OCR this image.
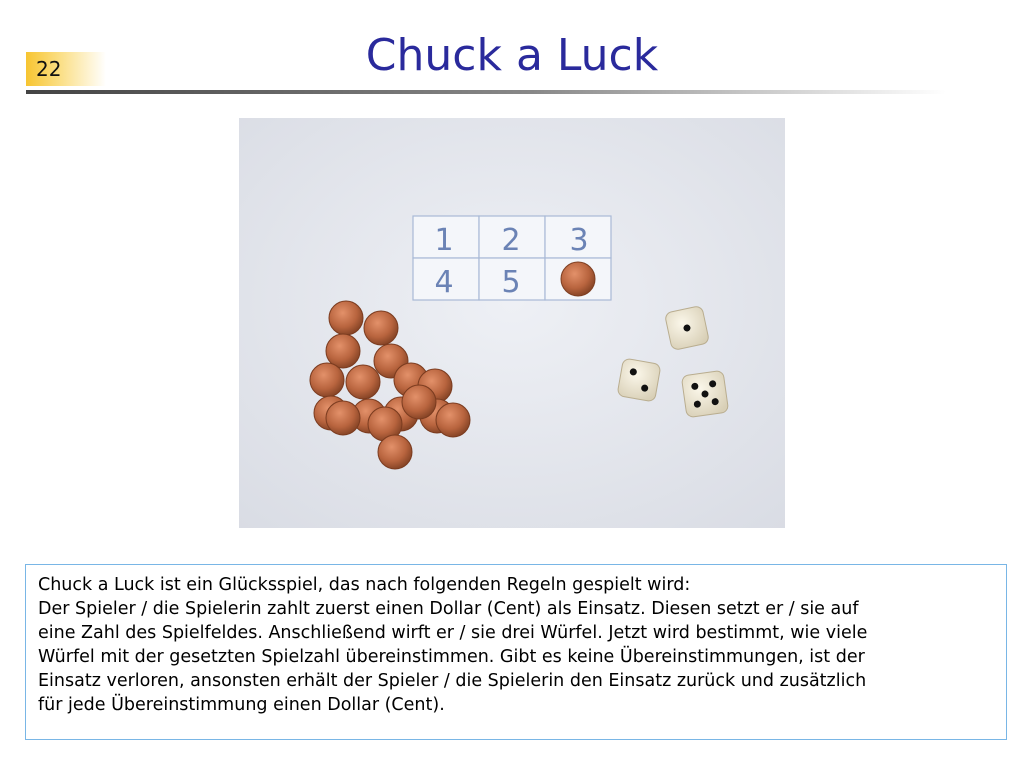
22	Chuck a Luck
1 2 3
4 5
Chuck a Luck ist ein Glücksspiel, das nach folgenden Regeln gespielt wird:
Der Spieler / die Spielerin zahlt zuerst einen Dollar (Cent) als Einsatz. Diesen setzt er / sie auf
eine Zahl des Spielfeldes. Anschließend wirft er / sie drei Würfel. Jetzt wird bestimmt, wie viele
Würfel mit der gesetzten Spielzahl übereinstimmen. Gibt es keine Übereinstimmungen, ist der
Einsatz verloren, ansonsten erhält der Spieler / die Spielerin den Einsatz zurück und zusätzlich
für jede Übereinstimmung einen Dollar (Cent).
